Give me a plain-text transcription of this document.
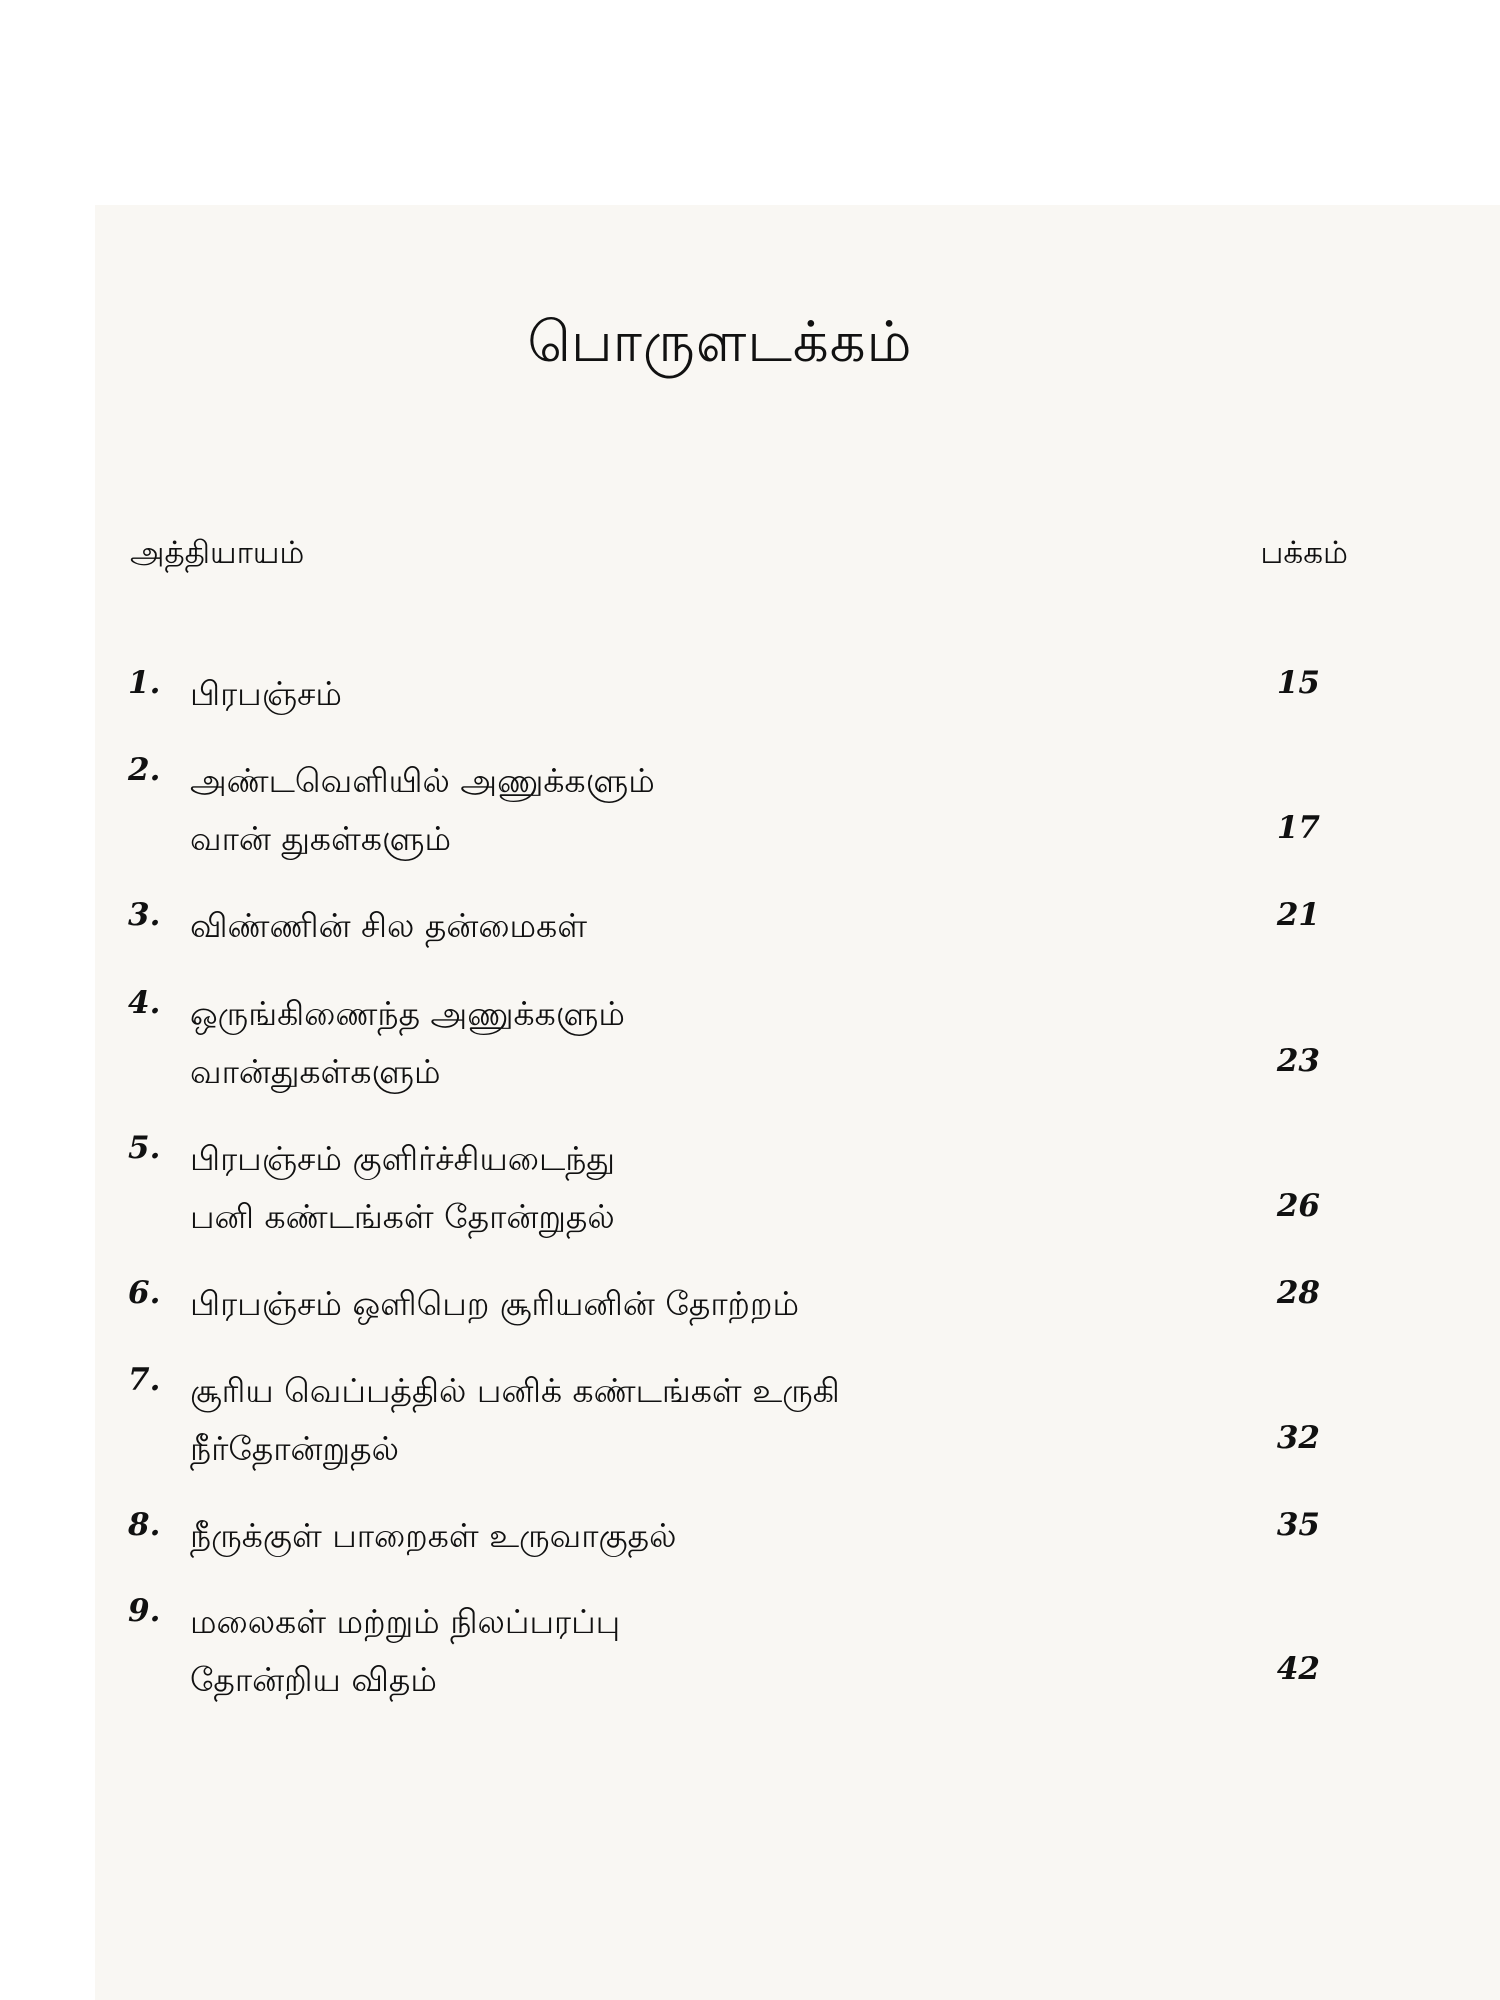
பொருளடக்கம்
அத்தியாயம்	பக்கம்
1. பிரபஞ்சம்	15
2. அண்டவெளியில் அணுக்களும்
வான் துகள்களும்	17
3. விண்ணின் சில தன்மைகள்	21
4. ஒருங்கிணைந்த அணுக்களும்
வான்துகள்களும்	23
5. பிரபஞ்சம் குளிர்ச்சியடைந்து
பனி கண்டங்கள் தோன்றுதல்	26
6. பிரபஞ்சம் ஒளிபெற சூரியனின் தோற்றம்	28
7. சூரிய வெப்பத்தில் பனிக் கண்டங்கள் உருகி
நீர்தோன்றுதல்	32
8. நீருக்குள் பாறைகள் உருவாகுதல்	35
9. மலைகள் மற்றும் நிலப்பரப்பு
தோன்றிய விதம்	42
